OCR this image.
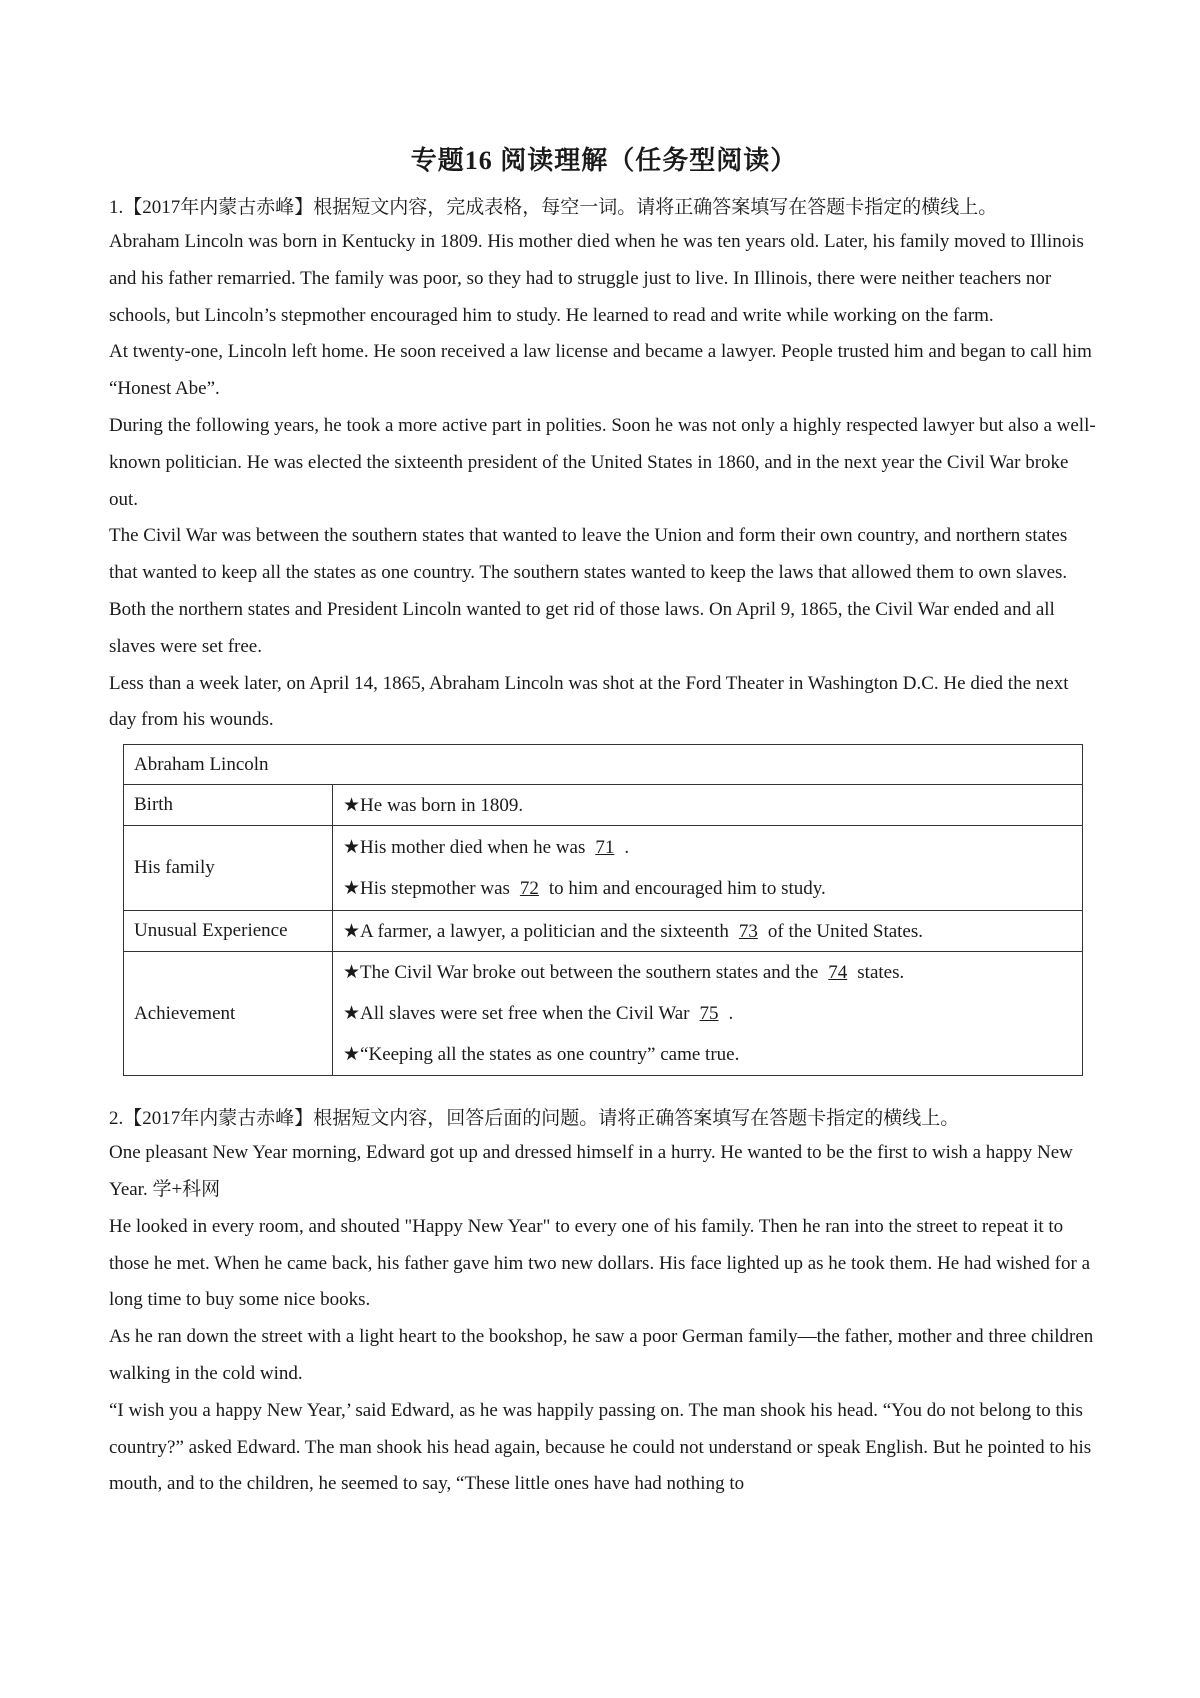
专题16 阅读理解（任务型阅读）

1.【2017年内蒙古赤峰】根据短文内容，完成表格，每空一词。请将正确答案填写在答题卡指定的横线上。

Abraham Lincoln was born in Kentucky in 1809. His mother died when he was ten years old. Later, his family moved to Illinois and his father remarried. The family was poor, so they had to struggle just to live. In Illinois, there were neither teachers nor schools, but Lincoln’s stepmother encouraged him to study. He learned to read and write while working on the farm.

At twenty-one, Lincoln left home. He soon received a law license and became a lawyer. People trusted him and began to call him “Honest Abe”.

During the following years, he took a more active part in polities. Soon he was not only a highly respected lawyer but also a well-known politician. He was elected the sixteenth president of the United States in 1860, and in the next year the Civil War broke out.

The Civil War was between the southern states that wanted to leave the Union and form their own country, and northern states that wanted to keep all the states as one country. The southern states wanted to keep the laws that allowed them to own slaves. Both the northern states and President Lincoln wanted to get rid of those laws. On April 9, 1865, the Civil War ended and all slaves were set free.

Less than a week later, on April 14, 1865, Abraham Lincoln was shot at the Ford Theater in Washington D.C. He died the next day from his wounds.

Abraham Lincoln	
Birth	★He was born in 1809.
His family	★His mother died when he was 71 .

★His stepmother was 72 to him and encouraged him to study.

Unusual Experience	★A farmer, a lawyer, a politician and the sixteenth 73 of the United States.
Achievement	★The Civil War broke out between the southern states and the 74 states.

★All slaves were set free when the Civil War 75 .

★“Keeping all the states as one country” came true.

2.【2017年内蒙古赤峰】根据短文内容，回答后面的问题。请将正确答案填写在答题卡指定的横线上。

One pleasant New Year morning, Edward got up and dressed himself in a hurry. He wanted to be the first to wish a happy New Year. 学+科网

He looked in every room, and shouted "Happy New Year" to every one of his family. Then he ran into the street to repeat it to those he met. When he came back, his father gave him two new dollars. His face lighted up as he took them. He had wished for a long time to buy some nice books.

As he ran down the street with a light heart to the bookshop, he saw a poor German family—the father, mother and three children walking in the cold wind.

“I wish you a happy New Year,’ said Edward, as he was happily passing on. The man shook his head. “You do not belong to this country?” asked Edward. The man shook his head again, because he could not understand or speak English. But he pointed to his mouth, and to the children, he seemed to say, “These little ones have had nothing to
